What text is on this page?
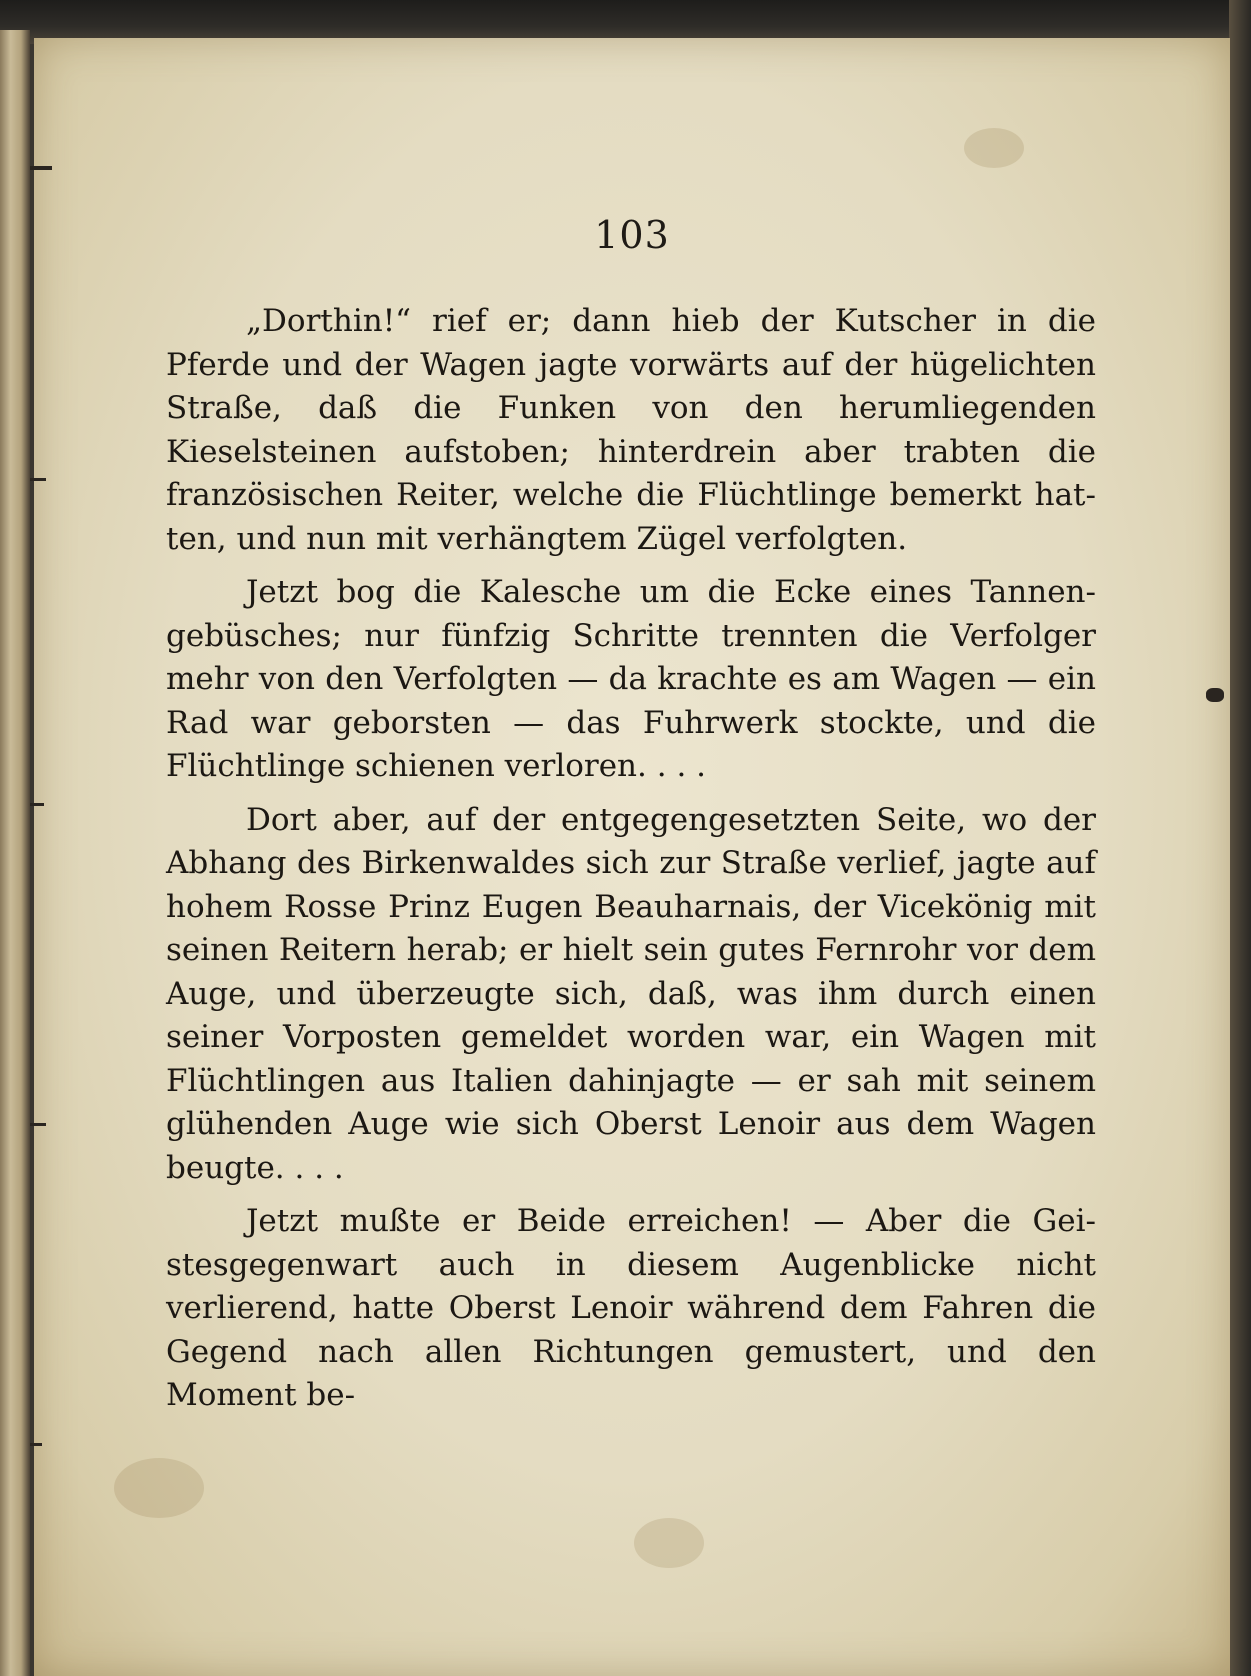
103

„Dorthin!“ rief er; dann hieb der Kutscher in die Pferde und der Wagen jagte vorwärts auf der hügelichten Straße, daß die Funken von den herumliegenden Kieselsteinen aufstoben; hinterdrein aber trabten die französischen Reiter, welche die Flüchtlinge bemerkt hatten, und nun mit verhängtem Zügel verfolgten.

Jetzt bog die Kalesche um die Ecke eines Tannengebüsches; nur fünfzig Schritte trennten die Verfolger mehr von den Verfolgten — da krachte es am Wagen — ein Rad war geborsten — das Fuhrwerk stockte, und die Flüchtlinge schienen verloren. . . .

Dort aber, auf der entgegengesetzten Seite, wo der Abhang des Birkenwaldes sich zur Straße verlief, jagte auf hohem Rosse Prinz Eugen Beauharnais, der Vicekönig mit seinen Reitern herab; er hielt sein gutes Fernrohr vor dem Auge, und überzeugte sich, daß, was ihm durch einen seiner Vorposten gemeldet worden war, ein Wagen mit Flüchtlingen aus Italien dahinjagte — er sah mit seinem glühenden Auge wie sich Oberst Lenoir aus dem Wagen beugte. . . .

Jetzt mußte er Beide erreichen! — Aber die Geistesgegenwart auch in diesem Augenblicke nicht verlierend, hatte Oberst Lenoir während dem Fahren die Gegend nach allen Richtungen gemustert, und den Moment be-
